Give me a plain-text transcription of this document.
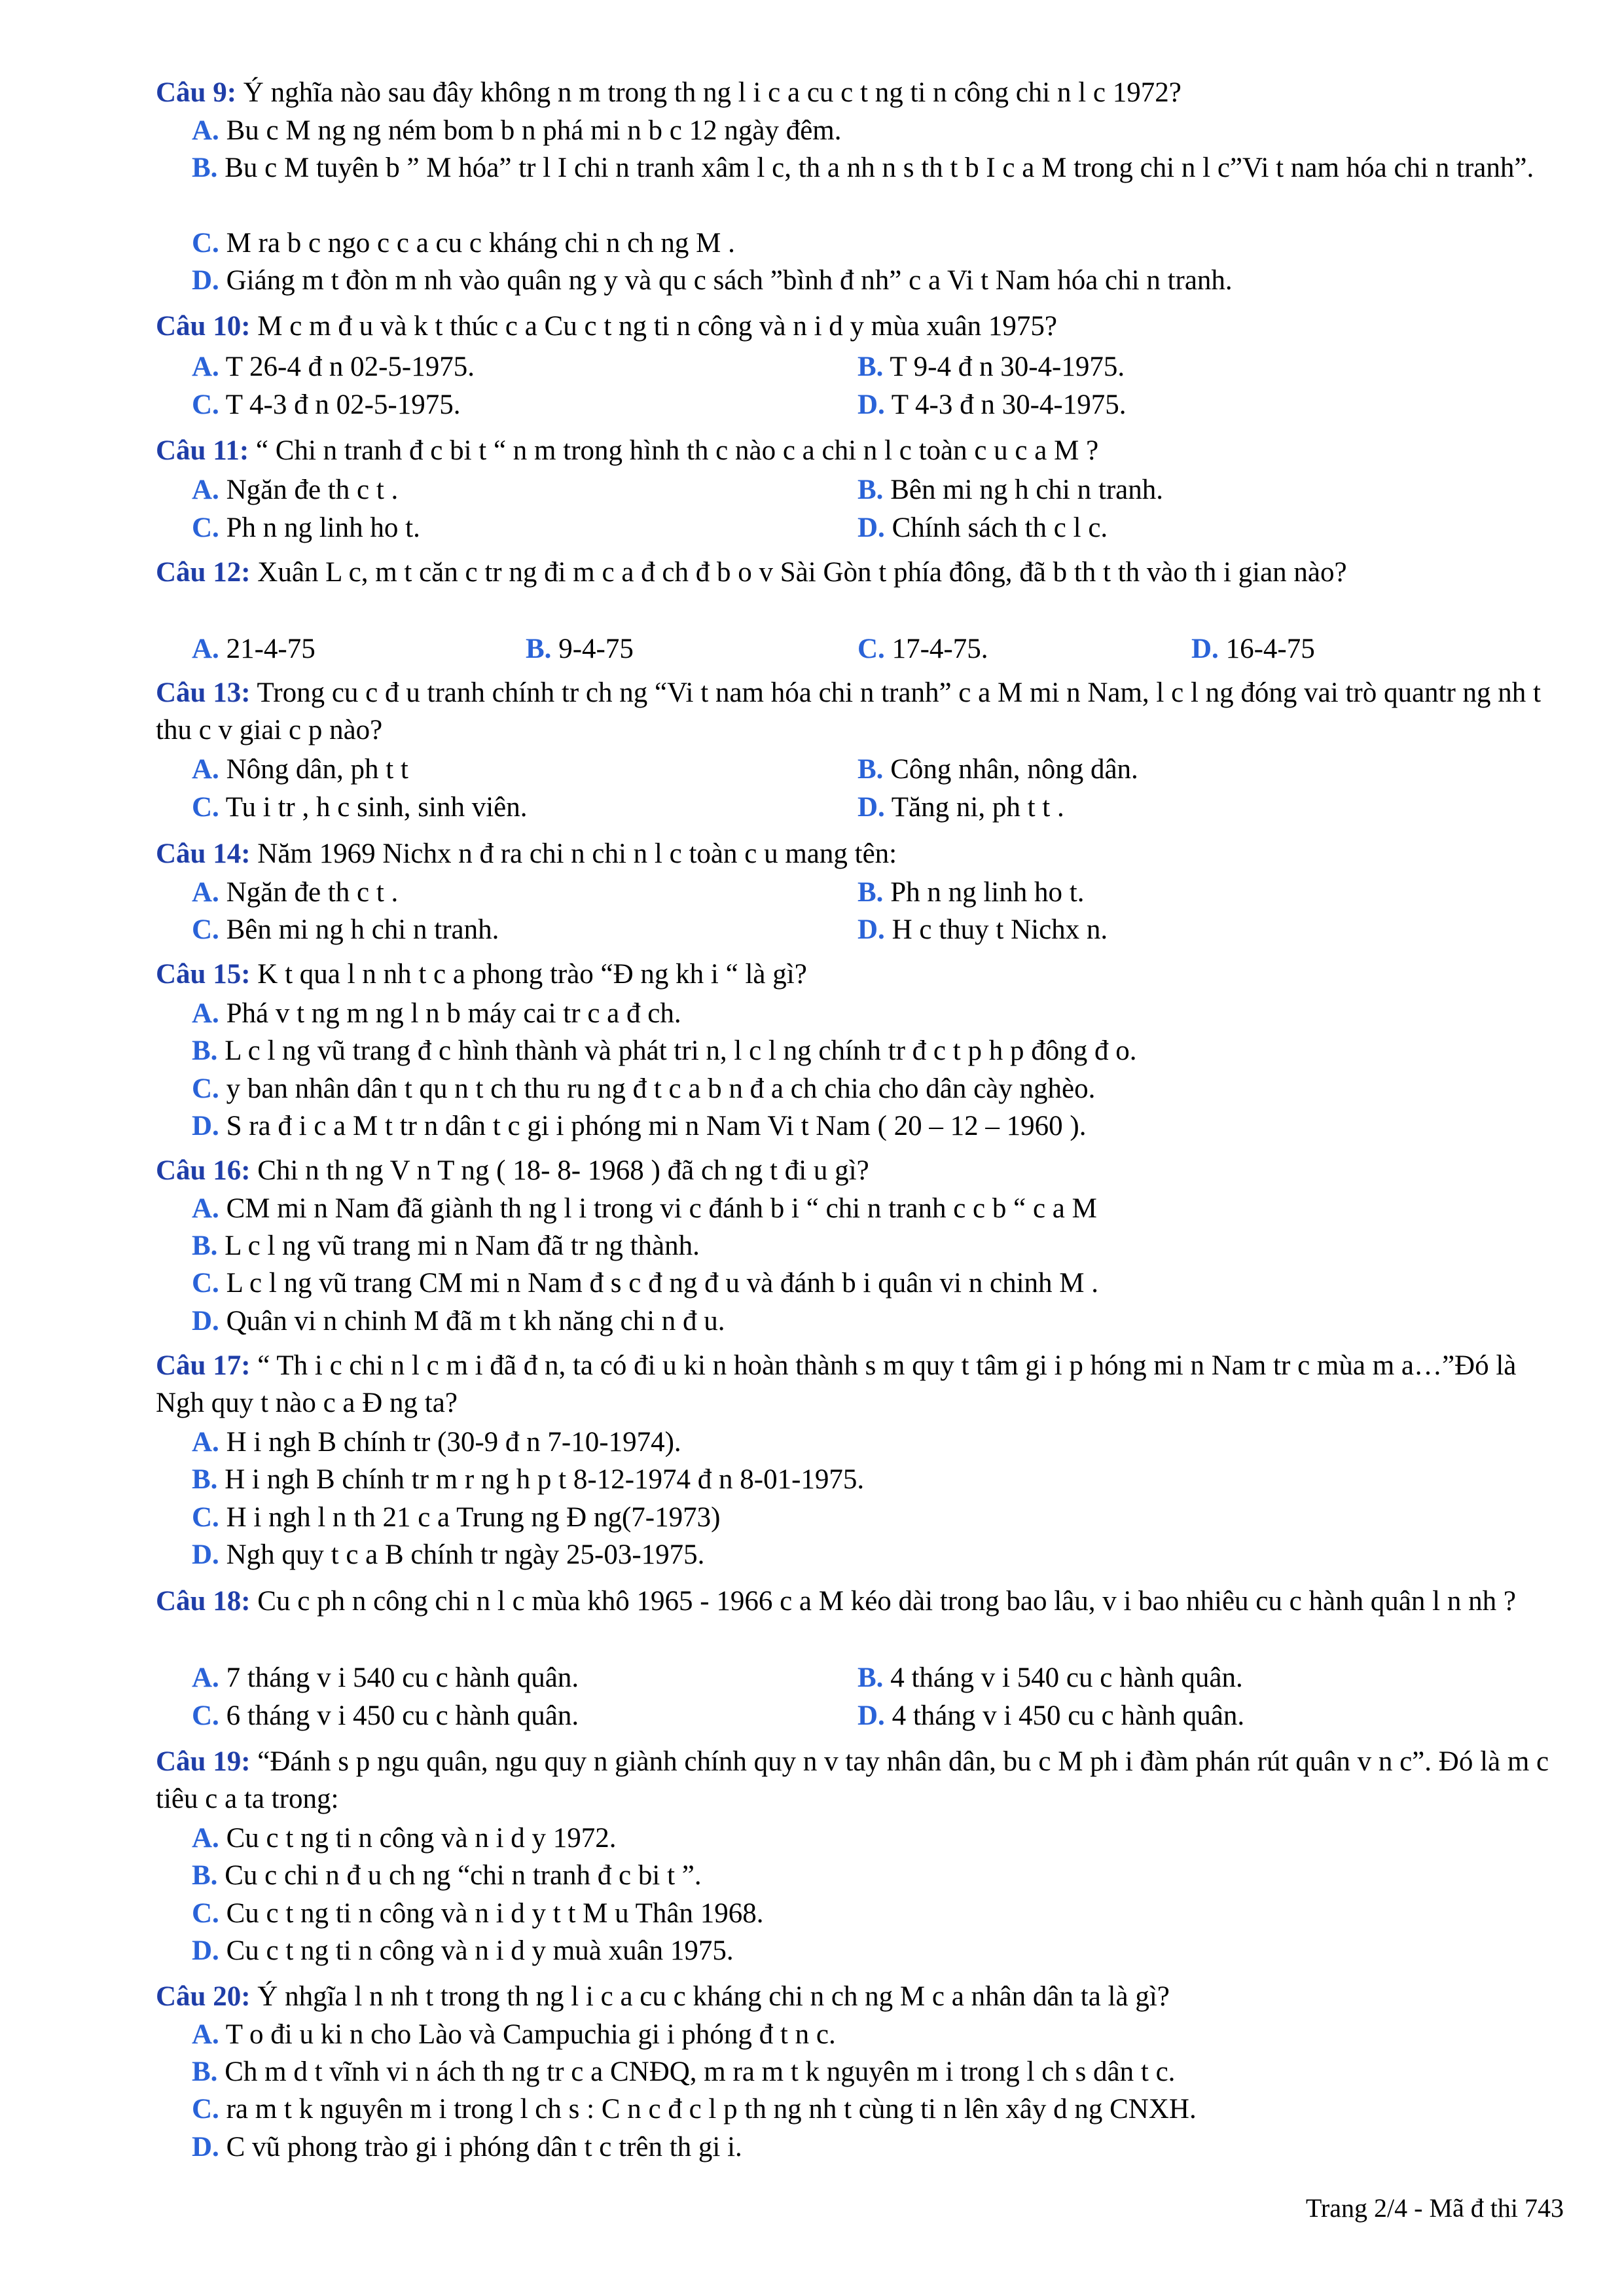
Câu 9: Ý nghĩa nào sau đây không n m trong th ng l i c a cu c t ng ti n công chi n l c 1972?
A. Bu c M ng ng ném bom b n phá mi n b c 12 ngày đêm.
B. Bu c M tuyên b ” M hóa” tr l I chi n tranh xâm l c, th a nh n s th t b I c a M trong chi n l c”Vi t nam hóa chi n tranh”.
C. M ra b c ngo c c a cu c kháng chi n ch ng M .
D. Giáng m t đòn m nh vào quân ng y và qu c sách ”bình đ nh” c a Vi t Nam hóa chi n tranh.
Câu 10: M c m đ u và k t thúc c a Cu c t ng ti n công và n i d y mùa xuân 1975?
A. T 26-4 đ n 02-5-1975.	B. T 9-4 đ n 30-4-1975.
C. T 4-3 đ n 02-5-1975.	D. T 4-3 đ n 30-4-1975.
Câu 11: “ Chi n tranh đ c bi t “ n m trong hình th c nào c a chi n l c toàn c u c a M ?
A. Ngăn đe th c t .	B. Bên mi ng h chi n tranh.
C. Ph n ng linh ho t.	D. Chính sách th c l c.
Câu 12: Xuân L c, m t căn c tr ng đi m c a đ ch đ b o v Sài Gòn t phía đông, đã b th t th vào th i gian nào?
A. 21-4-75	B. 9-4-75	C. 17-4-75.	D. 16-4-75
Câu 13: Trong cu c đ u tranh chính tr ch ng “Vi t nam hóa chi n tranh” c a M mi n Nam, l c l ng đóng vai trò quantr ng nh t thu c v giai c p nào?
A. Nông dân, ph t t	B. Công nhân, nông dân.
C. Tu i tr , h c sinh, sinh viên.	D. Tăng ni, ph t t .
Câu 14: Năm 1969 Nichx n đ ra chi n chi n l c toàn c u mang tên:
A. Ngăn đe th c t .	B. Ph n ng linh ho t.
C. Bên mi ng h chi n tranh.	D. H c thuy t Nichx n.
Câu 15: K t qua l n nh t c a phong trào “Đ ng kh i “ là gì?
A. Phá v t ng m ng l n b máy cai tr c a đ ch.
B. L c l ng vũ trang đ c hình thành và phát tri n, l c l ng chính tr đ c t p h p đông đ o.
C. y ban nhân dân t qu n t ch thu ru ng đ t c a b n đ a ch chia cho dân cày nghèo.
D. S ra đ i c a M t tr n dân t c gi i phóng mi n Nam Vi t Nam ( 20 – 12 – 1960 ).
Câu 16: Chi n th ng V n T ng ( 18- 8- 1968 ) đã ch ng t đi u gì?
A. CM mi n Nam đã giành th ng l i trong vi c đánh b i “ chi n tranh c c b “ c a M
B. L c l ng vũ trang mi n Nam đã tr ng thành.
C. L c l ng vũ trang CM mi n Nam đ s c đ ng đ u và đánh b i quân vi n chinh M .
D. Quân vi n chinh M đã m t kh năng chi n đ u.
Câu 17: “ Th i c chi n l c m i đã đ n, ta có đi u ki n hoàn thành s m quy t tâm gi i p hóng mi n Nam tr c mùa m a…”Đó là Ngh quy t nào c a Đ ng ta?
A. H i ngh B chính tr (30-9 đ n 7-10-1974).
B. H i ngh B chính tr m r ng h p t 8-12-1974 đ n 8-01-1975.
C. H i ngh l n th 21 c a Trung ng Đ ng(7-1973)
D. Ngh quy t c a B chính tr ngày 25-03-1975.
Câu 18: Cu c ph n công chi n l c mùa khô 1965 - 1966 c a M kéo dài trong bao lâu, v i bao nhiêu cu c hành quân l n nh ?
A. 7 tháng v i 540 cu c hành quân.	B. 4 tháng v i 540 cu c hành quân.
C. 6 tháng v i 450 cu c hành quân.	D. 4 tháng v i 450 cu c hành quân.
Câu 19: “Đánh s p ngu quân, ngu quy n giành chính quy n v tay nhân dân, bu c M ph i đàm phán rút quân v n c”. Đó là m c tiêu c a ta trong:
A. Cu c t ng ti n công và n i d y 1972.
B. Cu c chi n đ u ch ng “chi n tranh đ c bi t ”.
C. Cu c t ng ti n công và n i d y t t M u Thân 1968.
D. Cu c t ng ti n công và n i d y muà xuân 1975.
Câu 20: Ý nhgĩa l n nh t trong th ng l i c a cu c kháng chi n ch ng M c a nhân dân ta là gì?
A. T o đi u ki n cho Lào và Campuchia gi i phóng đ t n c.
B. Ch m d t vĩnh vi n ách th ng tr c a CNĐQ, m ra m t k nguyên m i trong l ch s dân t c.
C. ra m t k nguyên m i trong l ch s : C n c đ c l p th ng nh t cùng ti n lên xây d ng CNXH.
D. C vũ phong trào gi i phóng dân t c trên th gi i.
Trang 2/4 - Mã đ thi 743
